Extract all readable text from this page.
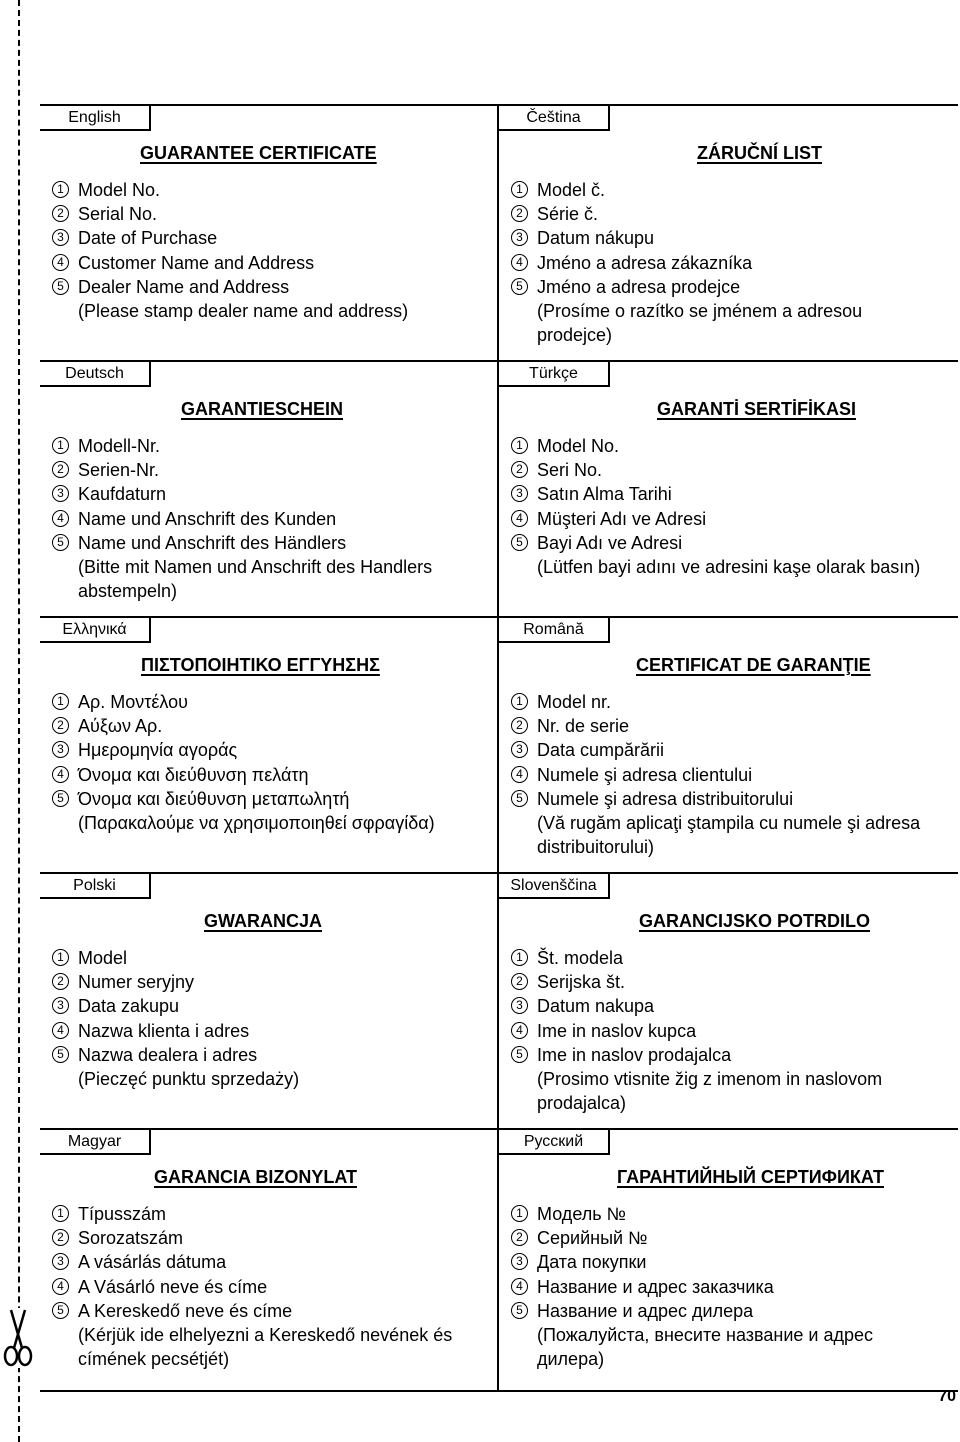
English
GUARANTEE CERTIFICATE
1 Model No.
2 Serial No.
3 Date of Purchase
4 Customer Name and Address
5 Dealer Name and Address
(Please stamp dealer name and address)
Čeština
ZÁRUČNÍ LIST
1 Model č.
2 Série č.
3 Datum nákupu
4 Jméno a adresa zákazníka
5 Jméno a adresa prodejce
(Prosíme o razítko se jménem a adresou prodejce)
Deutsch
GARANTIESCHEIN
1 Modell-Nr.
2 Serien-Nr.
3 Kaufdaturn
4 Name und Anschrift des Kunden
5 Name und Anschrift des Händlers
(Bitte mit Namen und Anschrift des Handlers abstempeln)
Türkçe
GARANTİ SERTİFİKASI
1 Model No.
2 Seri No.
3 Satın Alma Tarihi
4 Müşteri Adı ve Adresi
5 Bayi Adı ve Adresi
(Lütfen bayi adını ve adresini kaşe olarak basın)
Ελληνικά
ΠΙΣΤΟΠΟΙΗΤΙΚΟ ΕΓΓΥΗΣΗΣ
1 Αρ. Μοντέλου
2 Αύξων Αρ.
3 Ημερομηνία αγοράς
4 Όνομα και διεύθυνση πελάτη
5 Όνομα και διεύθυνση μεταπωλητή
(Παρακαλούμε να χρησιμοποιηθεί σφραγίδα)
Română
CERTIFICAT DE GARANŢIE
1 Model nr.
2 Nr. de serie
3 Data cumpărării
4 Numele şi adresa clientului
5 Numele şi adresa distribuitorului
(Vă rugăm aplicaţi ştampila cu numele şi adresa distribuitorului)
Polski
GWARANCJA
1 Model
2 Numer seryjny
3 Data zakupu
4 Nazwa klienta i adres
5 Nazwa dealera i adres
(Pieczęć punktu sprzedaży)
Slovenščina
GARANCIJSKO POTRDILO
1 Št. modela
2 Serijska št.
3 Datum nakupa
4 Ime in naslov kupca
5 Ime in naslov prodajalca
(Prosimo vtisnite žig z imenom in naslovom prodajalca)
Magyar
GARANCIA BIZONYLAT
1 Típusszám
2 Sorozatszám
3 A vásárlás dátuma
4 A Vásárló neve és címe
5 A Kereskedő neve és címe
(Kérjük ide elhelyezni a Kereskedő nevének és címének pecsétjét)
Русский
ГАРАНТИЙНЫЙ СЕРТИФИКАТ
1 Модель №
2 Серийный №
3 Дата покупки
4 Название и адрес заказчика
5 Название и адрес дилера
(Пожалуйста, внесите название и адрес дилера)
70
